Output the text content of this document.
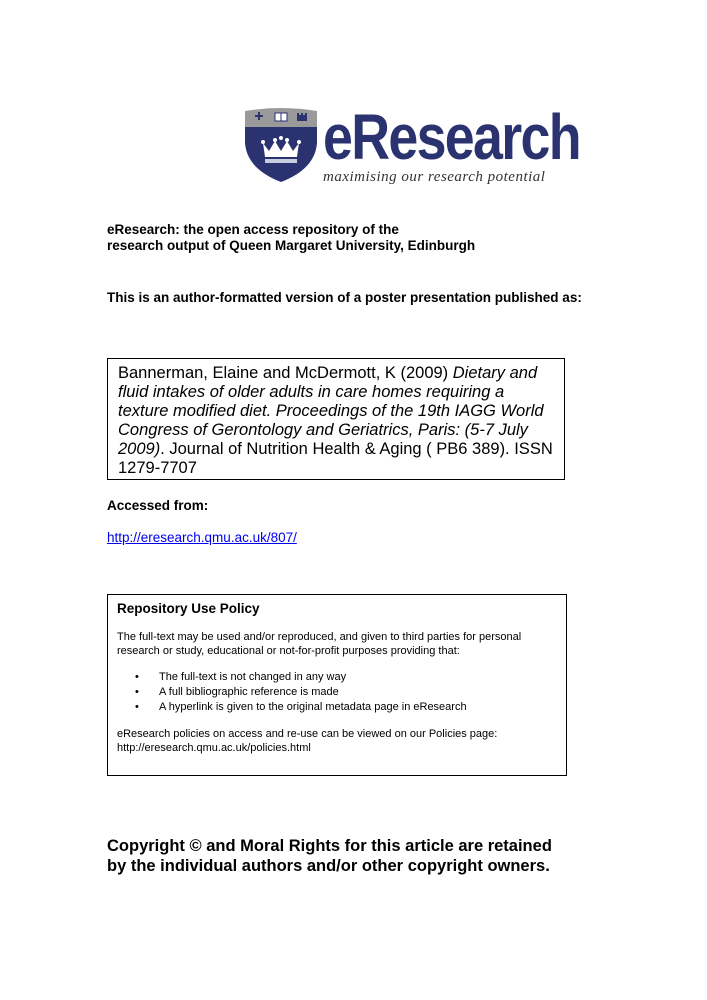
eResearch
maximising our research potential
eResearch: the open access repository of the
research output of Queen Margaret University, Edinburgh
This is an author-formatted version of a poster presentation published as:
Bannerman, Elaine and McDermott, K (2009) Dietary and fluid intakes of older adults in care homes requiring a texture modified diet. Proceedings of the 19th IAGG World Congress of Gerontology and Geriatrics, Paris: (5-7 July 2009). Journal of Nutrition Health & Aging ( PB6 389). ISSN 1279-7707
Accessed from:
http://eresearch.qmu.ac.uk/807/
Repository Use Policy

The full-text may be used and/or reproduced, and given to third parties for personal research or study, educational or not-for-profit purposes providing that:

• The full-text is not changed in any way
• A full bibliographic reference is made
• A hyperlink is given to the original metadata page in eResearch

eResearch policies on access and re-use can be viewed on our Policies page:
http://eresearch.qmu.ac.uk/policies.html

Copyright © and Moral Rights for this article are retained
by the individual authors and/or other copyright owners.
